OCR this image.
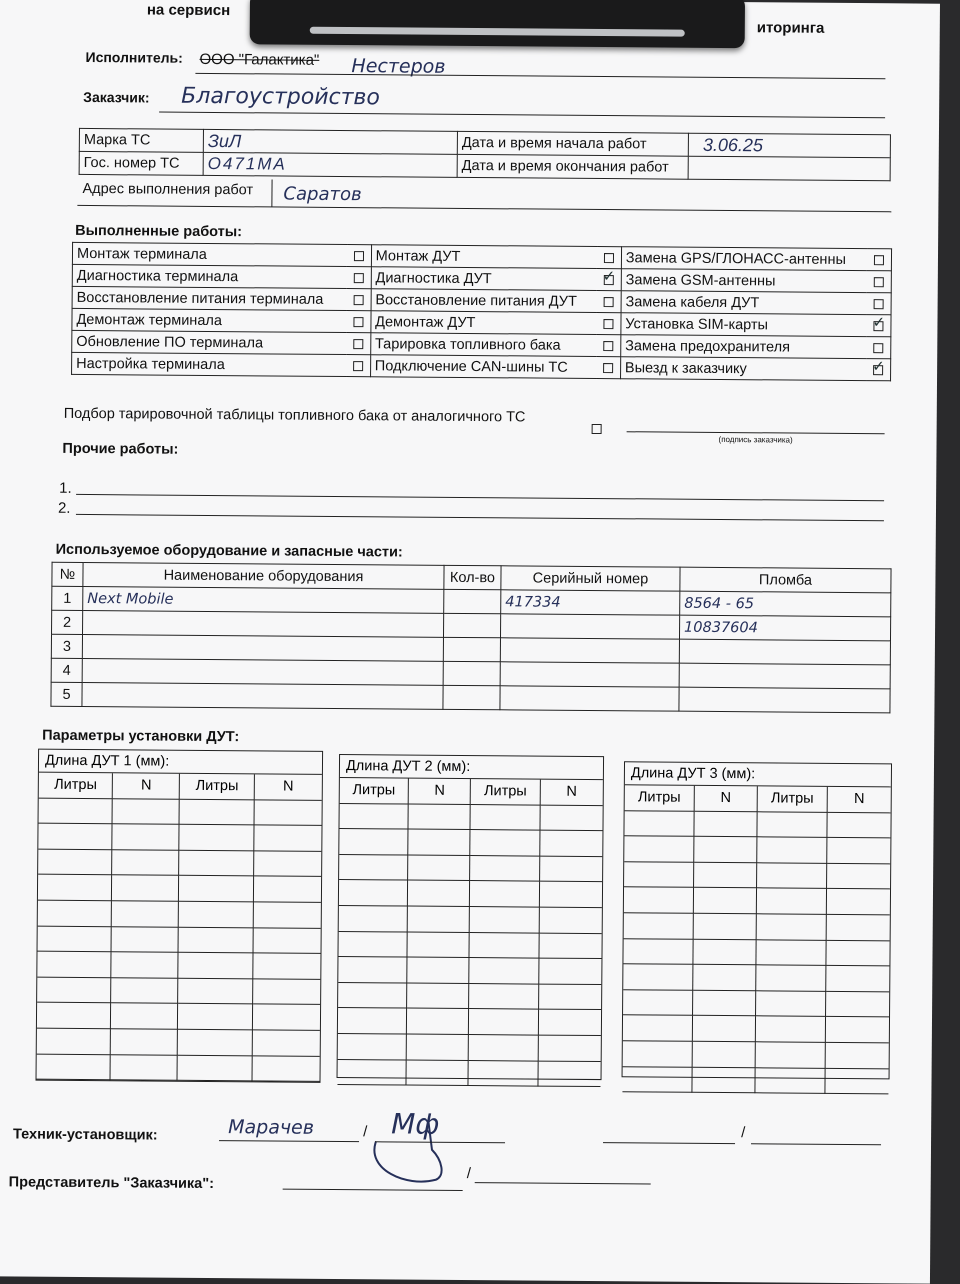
на сервисн
иторинга
Исполнитель: ООО "Галактика" Нестеров
Заказчик: Благоустройство
Марка ТС	ЗиЛ	Дата и время начала работ	3.06.25
Гос. номер ТС	О471МА	Дата и время окончания работ	
Адрес выполнения работ Саратов
Выполненные работы:
Монтаж терминала		Монтаж ДУТ		Замена GPS/ГЛОНАСС-антенны	
Диагностика терминала		Диагностика ДУТ	✓	Замена GSM-антенны	
Восстановление питания терминала		Восстановление питания ДУТ		Замена кабеля ДУТ	
Демонтаж терминала		Демонтаж ДУТ		Установка SIM-карты	✓
Обновление ПО терминала		Тарировка топливного бака		Замена предохранителя	
Настройка терминала		Подключение CAN-шины ТС		Выезд к заказчику	✓
Подбор тарировочной таблицы топливного бака от аналогичного ТС
(подпись заказчика)
Прочие работы:
1.
2.
Используемое оборудование и запасные части:
№	Наименование оборудования	Кол-во	Серийный номер	Пломба
1	Next Mobile		417334	8564 - 65
2				10837604
3				
4				
5				
Параметры установки ДУТ:
Длина ДУТ 1 (мм):
Литры	N	Литры	N
Длина ДУТ 2 (мм):
Литры	N	Литры	N
Длина ДУТ 3 (мм):
Литры	N	Литры	N
Техник-установщик:	Марачев	/ Мф	/
Представитель "Заказчика":
/
